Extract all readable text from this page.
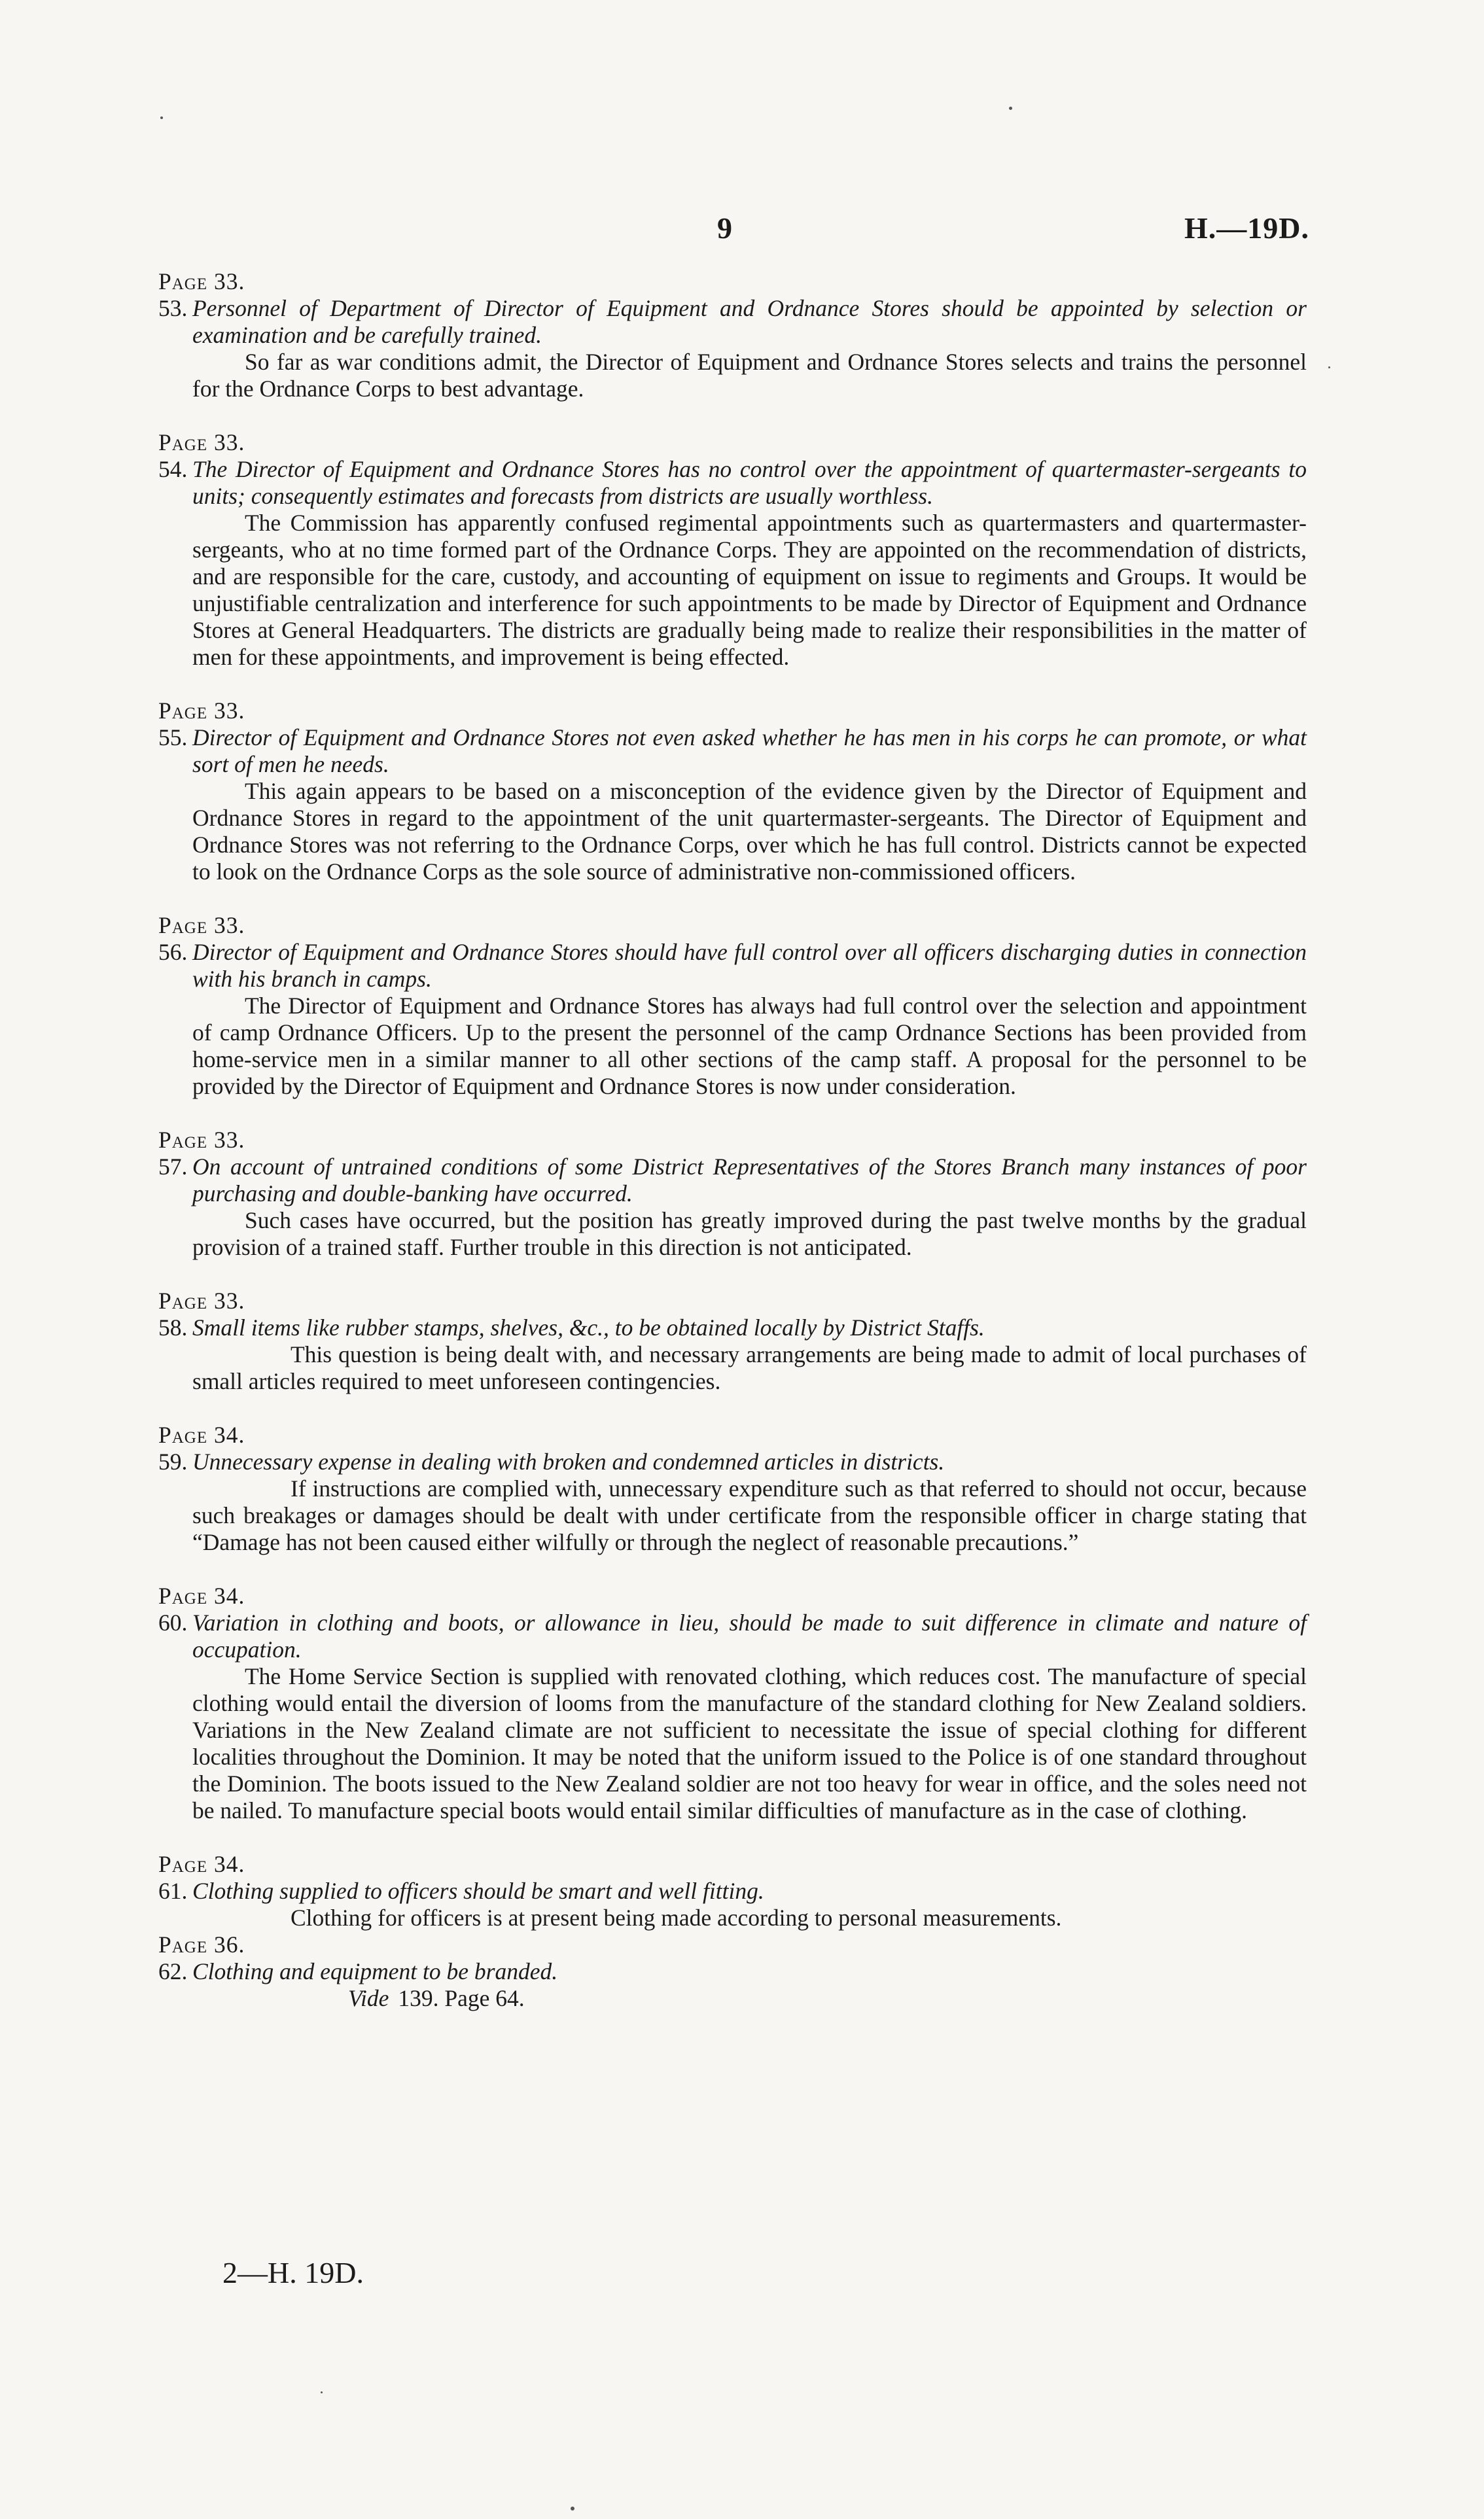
9	H.—19D.
Page 33.
53. Personnel of Department of Director of Equipment and Ordnance Stores should be appointed by selection or examination and be carefully trained.
So far as war conditions admit, the Director of Equipment and Ordnance Stores selects and trains the personnel for the Ordnance Corps to best advantage.
Page 33.
54. The Director of Equipment and Ordnance Stores has no control over the appointment of quartermaster-sergeants to units; consequently estimates and forecasts from districts are usually worthless.
The Commission has apparently confused regimental appointments such as quartermasters and quartermaster-sergeants, who at no time formed part of the Ordnance Corps. They are appointed on the recommendation of districts, and are responsible for the care, custody, and accounting of equipment on issue to regiments and Groups. It would be unjustifiable centralization and interference for such appointments to be made by Director of Equipment and Ordnance Stores at General Headquarters. The districts are gradually being made to realize their responsibilities in the matter of men for these appointments, and improvement is being effected.
Page 33.
55. Director of Equipment and Ordnance Stores not even asked whether he has men in his corps he can promote, or what sort of men he needs.
This again appears to be based on a misconception of the evidence given by the Director of Equipment and Ordnance Stores in regard to the appointment of the unit quartermaster-sergeants. The Director of Equipment and Ordnance Stores was not referring to the Ordnance Corps, over which he has full control. Districts cannot be expected to look on the Ordnance Corps as the sole source of administrative non-commissioned officers.
Page 33.
56. Director of Equipment and Ordnance Stores should have full control over all officers discharging duties in connection with his branch in camps.
The Director of Equipment and Ordnance Stores has always had full control over the selection and appointment of camp Ordnance Officers. Up to the present the personnel of the camp Ordnance Sections has been provided from home-service men in a similar manner to all other sections of the camp staff. A proposal for the personnel to be provided by the Director of Equipment and Ordnance Stores is now under consideration.
Page 33.
57. On account of untrained conditions of some District Representatives of the Stores Branch many instances of poor purchasing and double-banking have occurred.
Such cases have occurred, but the position has greatly improved during the past twelve months by the gradual provision of a trained staff. Further trouble in this direction is not anticipated.
Page 33.
58. Small items like rubber stamps, shelves, &c., to be obtained locally by District Staffs.
This question is being dealt with, and necessary arrangements are being made to admit of local purchases of small articles required to meet unforeseen contingencies.
Page 34.
59. Unnecessary expense in dealing with broken and condemned articles in districts.
If instructions are complied with, unnecessary expenditure such as that referred to should not occur, because such breakages or damages should be dealt with under certificate from the responsible officer in charge stating that “Damage has not been caused either wilfully or through the neglect of reasonable precautions.”
Page 34.
60. Variation in clothing and boots, or allowance in lieu, should be made to suit difference in climate and nature of occupation.
The Home Service Section is supplied with renovated clothing, which reduces cost. The manufacture of special clothing would entail the diversion of looms from the manufacture of the standard clothing for New Zealand soldiers. Variations in the New Zealand climate are not sufficient to necessitate the issue of special clothing for different localities throughout the Dominion. It may be noted that the uniform issued to the Police is of one standard throughout the Dominion. The boots issued to the New Zealand soldier are not too heavy for wear in office, and the soles need not be nailed. To manufacture special boots would entail similar difficulties of manufacture as in the case of clothing.
Page 34.
61. Clothing supplied to officers should be smart and well fitting.
Clothing for officers is at present being made according to personal measurements.
Page 36.
62. Clothing and equipment to be branded.
Vide 139. Page 64.
2—H. 19D.
